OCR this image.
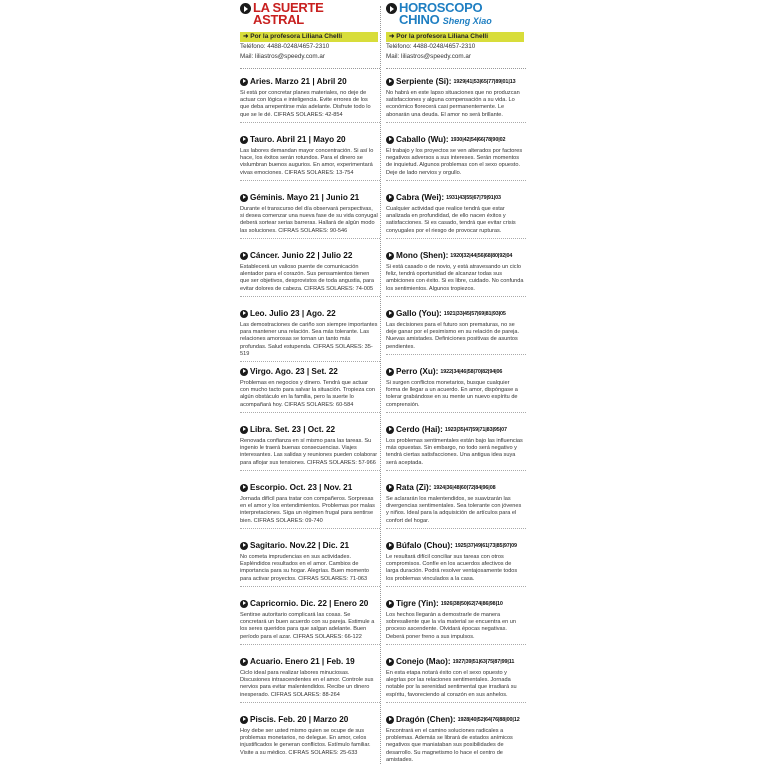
LA SUERTE
ASTRAL
➜ Por la profesora Liliana Chelli
Teléfono: 4488-0248/4657-2310
Mail: liliastros@speedy.com.ar
Aries. Marzo 21 | Abril 20
Si está por concretar planes materiales, no deje de actuar con lógica e inteligencia. Evite errores de los que deba arrepentirse más adelante. Disfrute todo lo que se le dé. CIFRAS SOLARES: 42-854
Tauro. Abril 21 | Mayo 20
Las labores demandan mayor concentración. Si así lo hace, los éxitos serán rotundos. Para el dinero se vislumbran buenos augurios. En amor, experimentará vivas emociones. CIFRAS SOLARES: 13-754
Géminis. Mayo 21 | Junio 21
Durante el transcurso del día observará perspectivas, si desea comenzar una nueva fase de su vida conyugal deberá sortear serias barreras. Hallará de algún modo las soluciones. CIFRAS SOLARES: 90-546
Cáncer. Junio 22 | Julio 22
Establecerá un valioso puente de comunicación alentador para el corazón. Sus pensamientos tienen que ser objetivos, desprovistos de toda angustia, para evitar dolores de cabeza. CIFRAS SOLARES: 74-005
Leo. Julio 23 | Ago. 22
Las demostraciones de cariño son siempre importantes para mantener una relación. Sea más tolerante. Las relaciones amorosas se tornan un tanto más profundas. Salud estupenda. CIFRAS SOLARES: 35-519
Virgo. Ago. 23 | Set. 22
Problemas en negocios y dinero. Tendrá que actuar con mucho tacto para salvar la situación. Tropieza con algún obstáculo en la familia, pero la suerte lo acompañará hoy. CIFRAS SOLARES: 60-584
Libra. Set. 23 | Oct. 22
Renovada confianza en sí mismo para las tareas. Su ingenio le traerá buenas consecuencias. Viajes interesantes. Las salidas y reuniones pueden colaborar para aflojar sus tensiones. CIFRAS SOLARES: 57-966
Escorpio. Oct. 23 | Nov. 21
Jornada difícil para tratar con compañeros. Sorpresas en el amor y los entendimientos. Problemas por malas interpretaciones. Siga un régimen frugal para sentirse bien. CIFRAS SOLARES: 09-740
Sagitario. Nov.22 | Dic. 21
No cometa imprudencias en sus actividades. Espléndidos resultados en el amor. Cambios de importancia para su hogar. Alegrías. Buen momento para activar proyectos. CIFRAS SOLARES: 71-063
Capricornio. Dic. 22 | Enero 20
Sentirse autoritario complicará las cosas. Se concretará un buen acuerdo con su pareja. Estimule a los seres queridos para que salgan adelante. Buen período para el azar. CIFRAS SOLARES: 66-122
Acuario. Enero 21 | Feb. 19
Ciclo ideal para realizar labores minuciosas. Discusiones intrascendentes en el amor. Controle sus nervios para evitar malentendidos. Recibe un dinero inesperado. CIFRAS SOLARES: 88-264
Piscis. Feb. 20 | Marzo 20
Hoy debe ser usted mismo quien se ocupe de sus problemas monetarios, no delegue. En amor, celos injustificados le generan conflictos. Estímulo familiar. Visite a su médico. CIFRAS SOLARES: 25-633
HOROSCOPO
CHINO Sheng Xiao
➜ Por la profesora Liliana Chelli
Teléfono: 4488-0248/4657-2310
Mail: liliastros@speedy.com.ar
Serpiente (Si): 1929|41|53|65|77|89|01|13
No habrá en este lapso situaciones que no produzcan satisfacciones y alguna compensación a su vida. Lo económico florecerá casi permanentemente. Le abonarán una deuda. El amor no será brillante.
Caballo (Wu): 1930|42|54|66|78|90|02
El trabajo y los proyectos se ven alterados por factores negativos adversos a sus intereses. Serán momentos de inquietud. Algunos problemas con el sexo opuesto. Deje de lado nervios y orgullo.
Cabra (Wei): 1931|43|55|67|79|91|03
Cualquier actividad que realice tendrá que estar analizada en profundidad, de ello nacen éxitos y satisfacciones. Si es casado, tendrá que evitar crisis conyugales por el riesgo de provocar rupturas.
Mono (Shen): 1920|32|44|56|68|80|92|04
Si está casado o de novio, y está atravesando un ciclo feliz, tendrá oportunidad de alcanzar todas sus ambiciones con éxito. Si es libre, cuidado. No confunda los sentimientos. Algunos tropiezos.
Gallo (You): 1921|33|45|57|69|81|93|05
Las decisiones para el futuro son prematuras, no se deje ganar por el pesimismo en su relación de pareja. Nuevas amistades. Definiciones positivas de asuntos pendientes.
Perro (Xu): 1922|34|46|58|70|82|94|06
Si surgen conflictos monetarios, busque cualquier forma de llegar a un acuerdo. En amor, dispóngase a tolerar grabándose en su mente un nuevo espíritu de comprensión.
Cerdo (Hai): 1923|35|47|59|71|83|95|07
Los problemas sentimentales están bajo las influencias más opuestas. Sin embargo, no todo será negativo y tendrá ciertas satisfacciones. Una antigua idea suya será aceptada.
Rata (Zi): 1924|36|48|60|72|84|96|08
Se aclararán los malentendidos, se suavizarán las divergencias sentimentales. Sea tolerante con jóvenes y niños. Ideal para la adquisición de artículos para el confort del hogar.
Búfalo (Chou): 1925|37|49|61|73|85|97|09
Le resultará difícil conciliar sus tareas con otros compromisos. Confíe en los acuerdos afectivos de larga duración. Podrá resolver ventajosamente todos los problemas vinculados a la casa.
Tigre (Yin): 1926|38|50|62|74|86|98|10
Los hechos llegarán a demostrarle de manera sobresaliente que la vía material se encuentra en un proceso ascendente. Olvidará épocas negativas. Deberá poner freno a sus impulsos.
Conejo (Mao): 1927|39|51|63|75|87|99|11
En esta etapa notará éxito con el sexo opuesto y alegrías por las relaciones sentimentales. Jornada notable por la serenidad sentimental que irradiará su espíritu, favoreciendo al corazón en sus anhelos.
Dragón (Chen): 1928|40|52|64|76|88|00|12
Encontrará en el camino soluciones radicales a problemas. Además se librará de estados anímicos negativos que maniataban sus posibilidades de desarrollo. Su magnetismo lo hace el centro de amistades.
